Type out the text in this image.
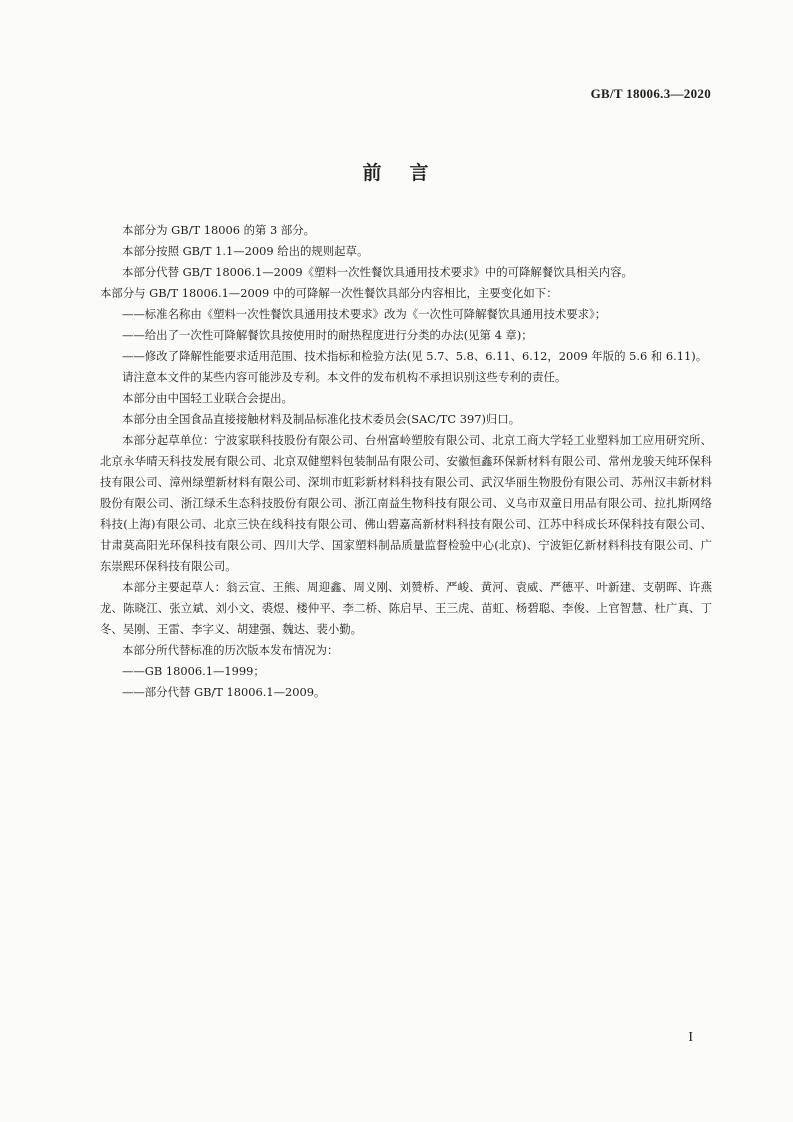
GB/T 18006.3—2020
前 言

本部分为 GB/T 18006 的第 3 部分。

本部分按照 GB/T 1.1—2009 给出的规则起草。

本部分代替 GB/T 18006.1—2009《塑料一次性餐饮具通用技术要求》中的可降解餐饮具相关内容。

本部分与 GB/T 18006.1—2009 中的可降解一次性餐饮具部分内容相比，主要变化如下：

——标准名称由《塑料一次性餐饮具通用技术要求》改为《一次性可降解餐饮具通用技术要求》；
——给出了一次性可降解餐饮具按使用时的耐热程度进行分类的办法(见第 4 章)；
——修改了降解性能要求适用范围、技术指标和检验方法(见 5.7、5.8、6.11、6.12，2009 年版的 5.6 和 6.11)。

请注意本文件的某些内容可能涉及专利。本文件的发布机构不承担识别这些专利的责任。

本部分由中国轻工业联合会提出。

本部分由全国食品直接接触材料及制品标准化技术委员会(SAC/TC 397)归口。

本部分起草单位：宁波家联科技股份有限公司、台州富岭塑胶有限公司、北京工商大学轻工业塑料加工应用研究所、北京永华晴天科技发展有限公司、北京双健塑料包装制品有限公司、安徽恒鑫环保新材料有限公司、常州龙骏天纯环保科技有限公司、漳州绿塑新材料有限公司、深圳市虹彩新材料科技有限公司、武汉华丽生物股份有限公司、苏州汉丰新材料股份有限公司、浙江绿禾生态科技股份有限公司、浙江南益生物科技有限公司、义乌市双童日用品有限公司、拉扎斯网络科技(上海)有限公司、北京三快在线科技有限公司、佛山碧嘉高新材料科技有限公司、江苏中科成长环保科技有限公司、甘肃莫高阳光环保科技有限公司、四川大学、国家塑料制品质量监督检验中心(北京)、宁波钜亿新材料科技有限公司、广东崇熙环保科技有限公司。

本部分主要起草人：翁云宣、王熊、周迎鑫、周义刚、刘赞桥、严峻、黄河、袁威、严德平、叶新建、支朝晖、许燕龙、陈晓江、张立斌、刘小文、裘煜、楼仲平、李二桥、陈启早、王三虎、苗虹、杨碧聪、李俊、上官智慧、杜广真、丁冬、吴刚、王雷、李字义、胡建强、魏达、裴小勤。

本部分所代替标准的历次版本发布情况为：

——GB 18006.1—1999；
——部分代替 GB/T 18006.1—2009。
I
